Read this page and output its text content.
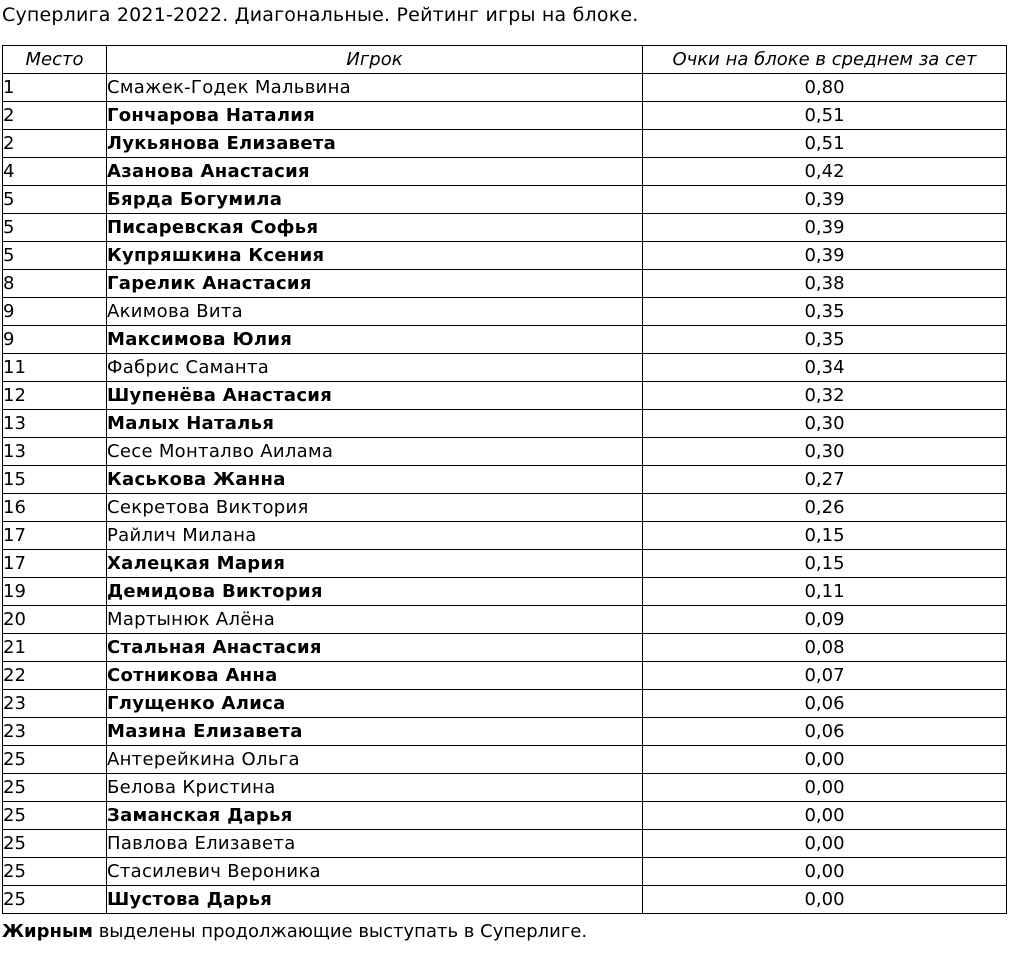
Суперлига 2021-2022. Диагональные. Рейтинг игры на блоке.
Место	Игрок	Очки на блоке в среднем за сет
1	Смажек-Годек Мальвина	0,80
2	Гончарова Наталия	0,51
2	Лукьянова Елизавета	0,51
4	Азанова Анастасия	0,42
5	Бярда Богумила	0,39
5	Писаревская Софья	0,39
5	Купряшкина Ксения	0,39
8	Гарелик Анастасия	0,38
9	Акимова Вита	0,35
9	Максимова Юлия	0,35
11	Фабрис Саманта	0,34
12	Шупенёва Анастасия	0,32
13	Малых Наталья	0,30
13	Сесе Монталво Аилама	0,30
15	Каськова Жанна	0,27
16	Секретова Виктория	0,26
17	Райлич Милана	0,15
17	Халецкая Мария	0,15
19	Демидова Виктория	0,11
20	Мартынюк Алёна	0,09
21	Стальная Анастасия	0,08
22	Сотникова Анна	0,07
23	Глущенко Алиса	0,06
23	Мазина Елизавета	0,06
25	Антерейкина Ольга	0,00
25	Белова Кристина	0,00
25	Заманская Дарья	0,00
25	Павлова Елизавета	0,00
25	Стасилевич Вероника	0,00
25	Шустова Дарья	0,00
Жирным выделены продолжающие выступать в Суперлиге.
